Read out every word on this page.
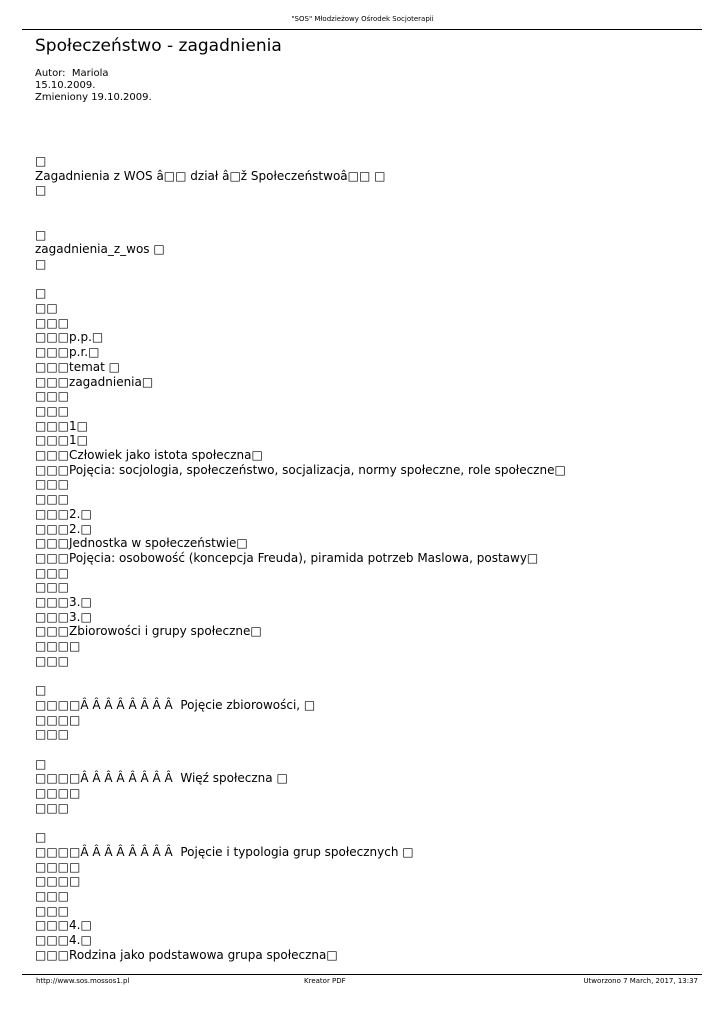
"SOS" Młodzieżowy Ośrodek Socjoterapii
Społeczeństwo - zagadnienia
Autor:  Mariola
15.10.2009.
Zmieniony 19.10.2009.
□
Zagadnienia z WOS â□□ dział â□ž Społeczeństwoâ□□ □
□
□
zagadnienia_z_wos □
□
□
□□
□□□
□□□p.p.□
□□□p.r.□
□□□temat □
□□□zagadnienia□
□□□
□□□
□□□1□
□□□1□
□□□Człowiek jako istota społeczna□
□□□Pojęcia: socjologia, społeczeństwo, socjalizacja, normy społeczne, role społeczne□
□□□
□□□
□□□2.□
□□□2.□
□□□Jednostka w społeczeństwie□
□□□Pojęcia: osobowość (koncepcja Freuda), piramida potrzeb Maslowa, postawy□
□□□
□□□
□□□3.□
□□□3.□
□□□Zbiorowości i grupy społeczne□
□□□□
□□□
□
□□□□Â Â Â Â Â Â Â Â  Pojęcie zbiorowości, □
□□□□
□□□
□
□□□□Â Â Â Â Â Â Â Â  Więź społeczna □
□□□□
□□□
□
□□□□Â Â Â Â Â Â Â Â  Pojęcie i typologia grup społecznych □
□□□□
□□□□
□□□
□□□
□□□4.□
□□□4.□
□□□Rodzina jako podstawowa grupa społeczna□
http://www.sos.mossos1.pl	Kreator PDF	Utworzono 7 March, 2017, 13:37
